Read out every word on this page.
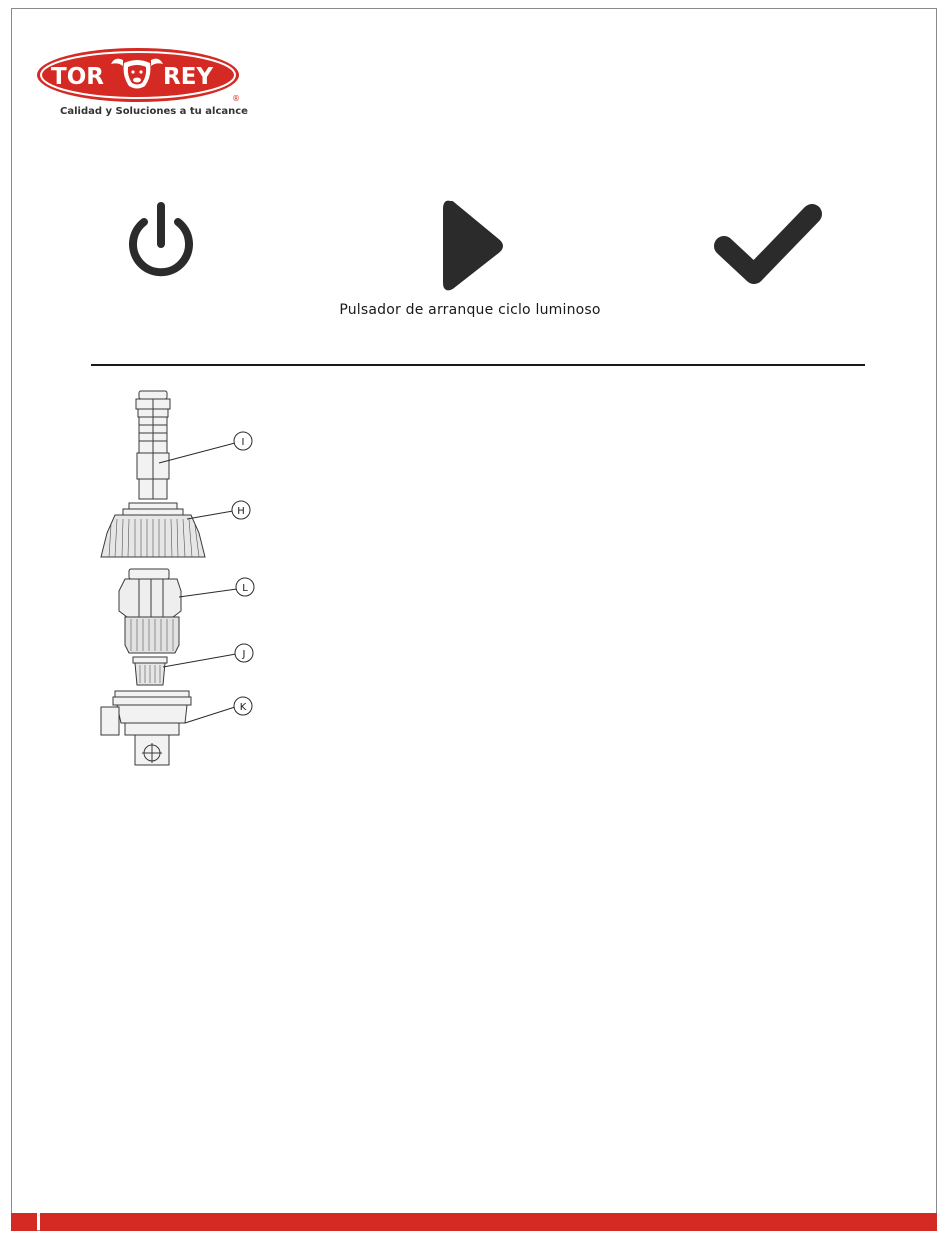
TOR	REY
®
Calidad y Soluciones a tu alcance
Pulsador de arranque ciclo luminoso
I
H
L
J
K
